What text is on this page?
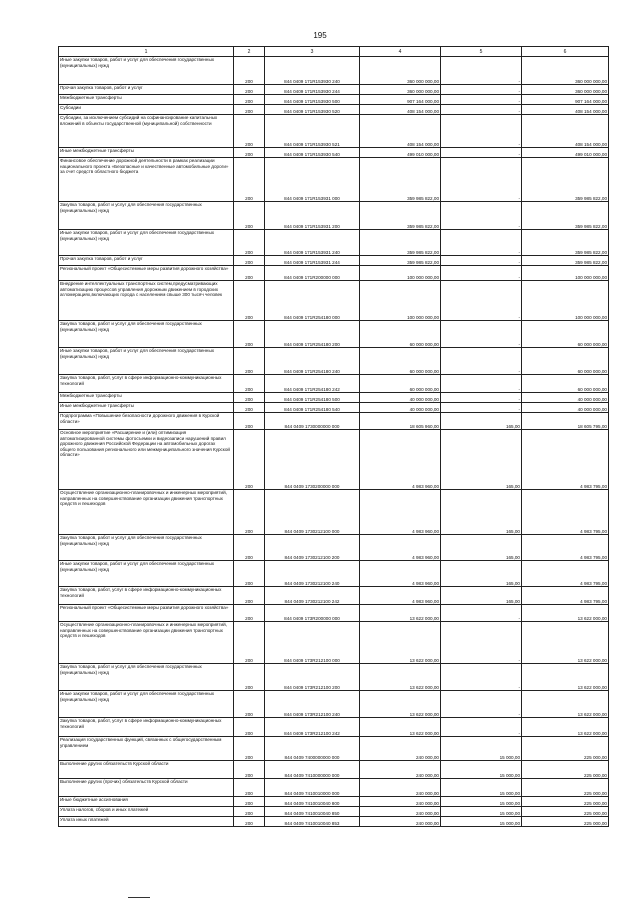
195
1	2	3	4	5	6
Иные закупки товаров, работ и услуг для обеспечения государственных (муниципальных) нужд	200	844 0409 171R153930 240	360 000 000,00	-	360 000 000,00
Прочая закупка товаров, работ и услуг	200	844 0409 171R153930 244	360 000 000,00	-	360 000 000,00
Межбюджетные трансферты	200	844 0409 171R153930 500	907 164 000,00	-	907 164 000,00
Субсидии	200	844 0409 171R153930 520	408 154 000,00	-	408 154 000,00
Субсидии, за исключением субсидий на софинансирование капитальных вложений в объекты государственной (муниципальной) собственности	200	844 0409 171R153930 521	408 154 000,00	-	408 154 000,00
Иные межбюджетные трансферты	200	844 0409 171R153930 540	499 010 000,00	-	499 010 000,00
Финансовое обеспечение дорожной деятельности в рамках реализации национального проекта «Безопасные и качественные автомобильные дороги» за счет средств областного бюджета	200	844 0409 171R153931 000	359 985 822,00	-	359 985 822,00
Закупка товаров, работ и услуг для обеспечения государственных (муниципальных) нужд	200	844 0409 171R153931 200	359 985 822,00	-	359 985 822,00
Иные закупки товаров, работ и услуг для обеспечения государственных (муниципальных) нужд	200	844 0409 171R153931 240	359 985 822,00	-	359 985 822,00
Прочая закупка товаров, работ и услуг	200	844 0409 171R153931 244	359 985 822,00	-	359 985 822,00
Региональный проект «Общесистемные меры развития дорожного хозяйства»	200	844 0409 171R200000 000	100 000 000,00	-	100 000 000,00
Внедрение интеллектуальных транспортных систем,предусматривающих автоматизацию процессов управления дорожным движением в городских агломерациях,включающих города с населением свыше 300 тысяч человек	200	844 0409 171R254180 000	100 000 000,00	-	100 000 000,00
Закупка товаров, работ и услуг для обеспечения государственных (муниципальных) нужд	200	844 0409 171R254180 200	60 000 000,00	-	60 000 000,00
Иные закупки товаров, работ и услуг для обеспечения государственных (муниципальных) нужд	200	844 0409 171R254180 240	60 000 000,00	-	60 000 000,00
Закупка товаров, работ, услуг в сфере информационно-коммуникационных технологий	200	844 0409 171R254180 242	60 000 000,00	-	60 000 000,00
Межбюджетные трансферты	200	844 0409 171R254180 500	40 000 000,00	-	40 000 000,00
Иные межбюджетные трансферты	200	844 0409 171R254180 540	40 000 000,00	-	40 000 000,00
Подпрограмма «Повышение безопасности дорожного движения в Курской области»	200	844 0409 1730000000 000	18 605 960,00	165,00	18 605 795,00
Основное мероприятие «Расширение и (или) оптимизация автоматизированной системы фотосъемки и видеозаписи нарушений правил дорожного движения Российской Федерации на автомобильных дорогах общего пользования регионального или межмуниципального значения Курской области»	200	844 0409 1730200000 000	4 983 960,00	165,00	4 983 795,00
Осуществление организационно-планировочных и инженерных мероприятий, направленных на совершенствование организации движения транспортных средств и пешеходов	200	844 0409 1730212100 000	4 983 960,00	165,00	4 983 795,00
Закупка товаров, работ и услуг для обеспечения государственных (муниципальных) нужд	200	844 0409 1730212100 200	4 983 960,00	165,00	4 983 795,00
Иные закупки товаров, работ и услуг для обеспечения государственных (муниципальных) нужд	200	844 0409 1730212100 240	4 983 960,00	165,00	4 983 795,00
Закупка товаров, работ, услуг в сфере информационно-коммуникационных технологий	200	844 0409 1730212100 242	4 983 960,00	165,00	4 983 795,00
Региональный проект «Общесистемные меры развития дорожного хозяйства»	200	844 0409 173R200000 000	13 622 000,00	-	13 622 000,00
Осуществление организационно-планировочных и инженерных мероприятий, направленных на совершенствование организации движения транспортных средств и пешеходов	200	844 0409 173R212100 000	13 622 000,00	-	13 622 000,00
Закупка товаров, работ и услуг для обеспечения государственных (муниципальных) нужд	200	844 0409 173R212100 200	13 622 000,00	-	13 622 000,00
Иные закупки товаров, работ и услуг для обеспечения государственных (муниципальных) нужд	200	844 0409 173R212100 240	13 622 000,00	-	13 622 000,00
Закупка товаров, работ, услуг в сфере информационно-коммуникационных технологий	200	844 0409 173R212100 242	13 622 000,00	-	13 622 000,00
Реализация государственных функций, связанных с общегосударственным управлением	200	844 0409 7400000000 000	240 000,00	15 000,00	225 000,00
Выполнение других обязательств Курской области	200	844 0409 7410000000 000	240 000,00	15 000,00	225 000,00
Выполнение других (прочих) обязательств Курской области	200	844 0409 7410010000 000	240 000,00	15 000,00	225 000,00
Иные бюджетные ассигнования	200	844 0409 7410010040 800	240 000,00	15 000,00	225 000,00
Уплата налогов, сборов и иных платежей	200	844 0409 7410010040 850	240 000,00	15 000,00	225 000,00
Уплата иных платежей	200	844 0409 7410010040 853	240 000,00	15 000,00	225 000,00
